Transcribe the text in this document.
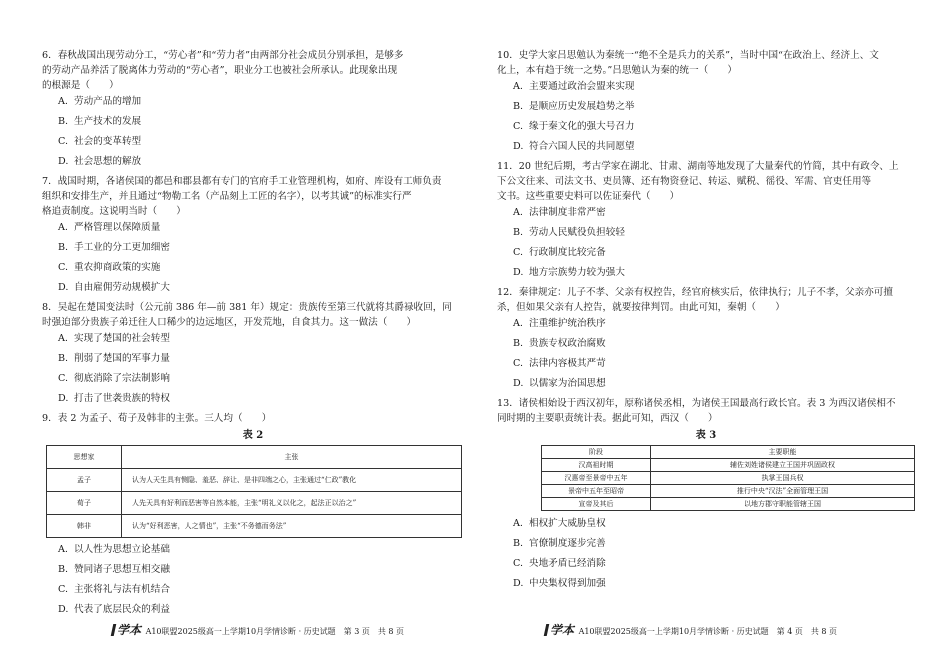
6．春秋战国出现劳动分工，“劳心者”和“劳力者”由两部分社会成员分别承担，是够多
的劳动产品养活了脱离体力劳动的“劳心者”，职业分工也被社会所承认。此现象出现
的根源是（　　）
A. 劳动产品的增加
B. 生产技术的发展
C. 社会的变革转型
D. 社会思想的解放
7．战国时期，各诸侯国的都邑和郡县都有专门的官府手工业管理机构，如府、库设有工师负责
组织和安排生产，并且通过“物勒工名（产品刻上工匠的名字），以考其诚”的标准实行严
格追责制度。这说明当时（　　）
A. 严格管理以保障质量
B. 手工业的分工更加细密
C. 重农抑商政策的实施
D. 自由雇佣劳动规模扩大
8．吴起在楚国变法时（公元前 386 年—前 381 年）规定：贵族传至第三代就将其爵禄收回，同
时强迫部分贵族子弟迁往人口稀少的边远地区，开发荒地，自食其力。这一做法（　　）
A. 实现了楚国的社会转型
B. 削弱了楚国的军事力量
C. 彻底消除了宗法制影响
D. 打击了世袭贵族的特权
9．表 2 为孟子、荀子及韩非的主张。三人均（　　）
表 2
思想家	主张
孟子	认为人天生具有恻隐、羞恶、辞让、是非四端之心，主张通过“仁政”教化
荀子	人先天具有好利而恶害等自然本能，主张“明礼义以化之，起法正以治之”
韩非	认为“好利恶害，人之情也”，主张“不务德而务法”
A. 以人性为思想立论基础
B. 赞同诸子思想互相交融
C. 主张将礼与法有机结合
D. 代表了底层民众的利益
10．史学大家吕思勉认为秦统一“绝不全是兵力的关系”，当时中国“在政治上、经济上、文
化上，本有趋于统一之势。”吕思勉认为秦的统一（　　）
A. 主要通过政治会盟来实现
B. 是顺应历史发展趋势之举
C. 缘于秦文化的强大号召力
D. 符合六国人民的共同愿望
11．20 世纪后期，考古学家在湖北、甘肃、湖南等地发现了大量秦代的竹简，其中有政令、上
下公文往来、司法文书、吏员簿、还有物资登记、转运、赋税、徭役、军需、官吏任用等
文书。这些重要史料可以佐证秦代（　　）
A. 法律制度非常严密
B. 劳动人民赋役负担较轻
C. 行政制度比较完备
D. 地方宗族势力较为强大
12．秦律规定：儿子不孝、父亲有权控告，经官府核实后，依律执行；儿子不孝，父亲亦可擅
杀，但如果父亲有人控告，就要按律判罚。由此可知，秦朝（　　）
A. 注重维护统治秩序
B. 贵族专权政治腐败
C. 法律内容极其严苛
D. 以儒家为治国思想
13．诸侯相始设于西汉初年，原称诸侯丞相，为诸侯王国最高行政长官。表 3 为西汉诸侯相不
同时期的主要职责统计表。据此可知，西汉（　　）
表 3
阶段	主要职能
汉高祖时期	辅佐刘姓诸侯建立王国并巩固政权
汉惠帝至景帝中五年	执掌王国兵权
景帝中五年至昭帝	推行中央“汉法”全面管理王国
宣帝及其后	以地方郡守职能管辖王国
A. 相权扩大威胁皇权
B. 官僚制度逐步完善
C. 央地矛盾已经消除
D. 中央集权得到加强
学本 A10联盟2025级高一上学期10月学情诊断 · 历史试题　第 3 页　共 8 页	学本 A10联盟2025级高一上学期10月学情诊断 · 历史试题　第 4 页　共 8 页
